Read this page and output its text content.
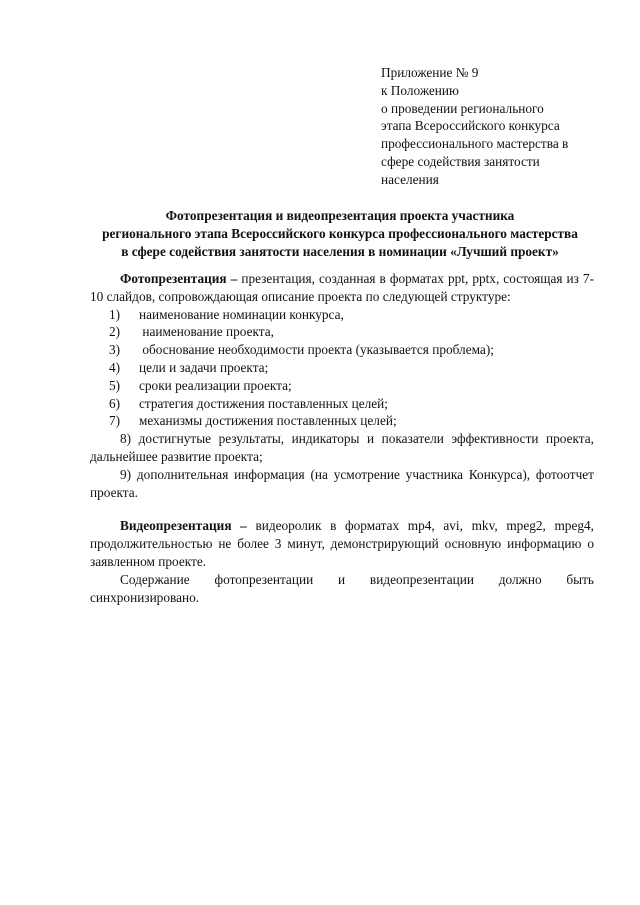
Приложение № 9
к Положению
о проведении регионального
этапа Всероссийского конкурса
профессионального мастерства в
сфере содействия занятости
населения
Фотопрезентация и видеопрезентация проекта участника
регионального этапа Всероссийского конкурса профессионального мастерства
в сфере содействия занятости населения в номинации «Лучший проект»
Фотопрезентация – презентация, созданная в форматах ppt, pptx, состоящая из 7-10 слайдов, сопровождающая описание проекта по следующей структуре:
1) наименование номинации конкурса,
2) наименование проекта,
3) обоснование необходимости проекта (указывается проблема);
4) цели и задачи проекта;
5) сроки реализации проекта;
6) стратегия достижения поставленных целей;
7) механизмы достижения поставленных целей;
8) достигнутые результаты, индикаторы и показатели эффективности проекта, дальнейшее развитие проекта;
9) дополнительная информация (на усмотрение участника Конкурса), фотоотчет проекта.
Видеопрезентация – видеоролик в форматах mp4, avi, mkv, mpeg2, mpeg4, продолжительностью не более 3 минут, демонстрирующий основную информацию о заявленном проекте.
Содержание фотопрезентации и видеопрезентации должно быть
синхронизировано.
